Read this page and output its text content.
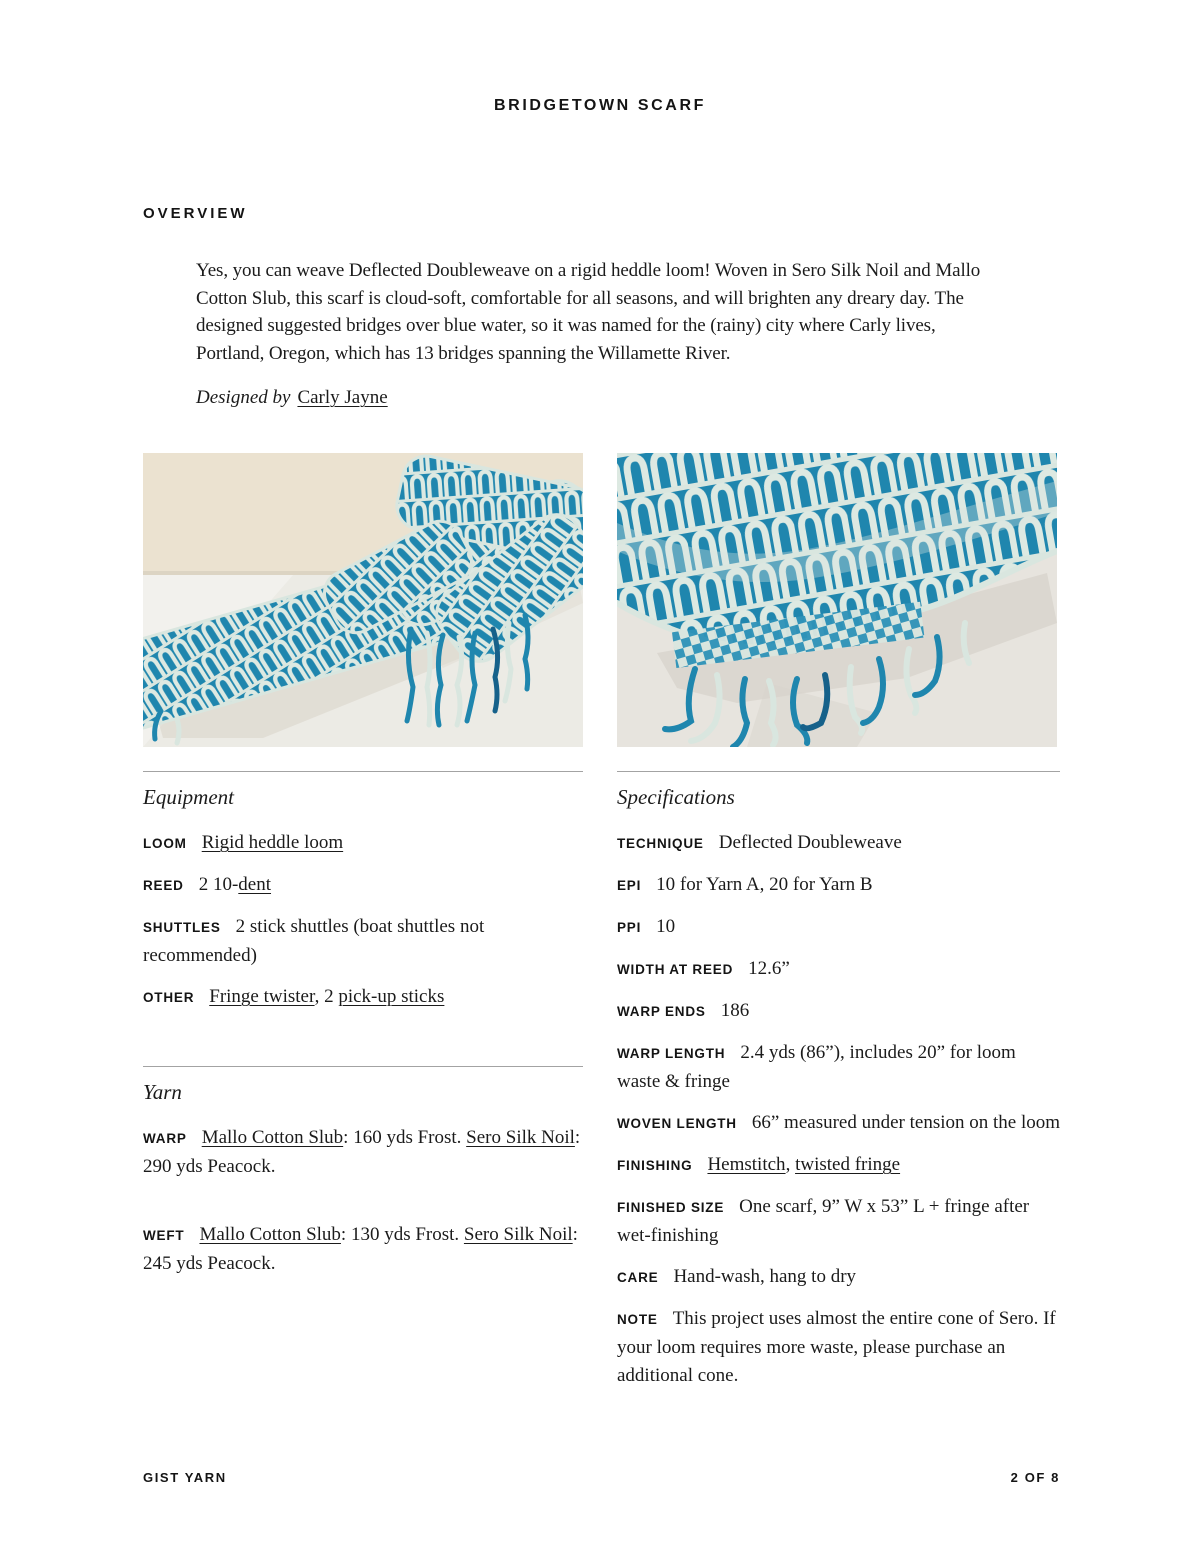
BRIDGETOWN SCARF
OVERVIEW

Yes, you can weave Deflected Doubleweave on a rigid heddle loom! Woven in Sero Silk Noil and Mallo Cotton Slub, this scarf is cloud-soft, comfortable for all seasons, and will brighten any dreary day. The designed suggested bridges over blue water, so it was named for the (rainy) city where Carly lives, Portland, Oregon, which has 13 bridges spanning the Willamette River.

Designed by Carly Jayne

Equipment

LOOM Rigid heddle loom

REED 2 10-dent

SHUTTLES 2 stick shuttles (boat shuttles not recommended)

OTHER Fringe twister, 2 pick-up sticks

Yarn

WARP Mallo Cotton Slub: 160 yds Frost. Sero Silk Noil: 290 yds Peacock.

WEFT Mallo Cotton Slub: 130 yds Frost. Sero Silk Noil: 245 yds Peacock.

Specifications

TECHNIQUE Deflected Doubleweave

EPI 10 for Yarn A, 20 for Yarn B

PPI 10

WIDTH AT REED 12.6”

WARP ENDS 186

WARP LENGTH 2.4 yds (86”), includes 20” for loom waste & fringe

WOVEN LENGTH 66” measured under tension on the loom

FINISHING Hemstitch, twisted fringe

FINISHED SIZE One scarf, 9” W x 53” L + fringe after wet-finishing

CARE Hand-wash, hang to dry

NOTE This project uses almost the entire cone of Sero. If your loom requires more waste, please purchase an additional cone.

GIST YARN	2 OF 8
